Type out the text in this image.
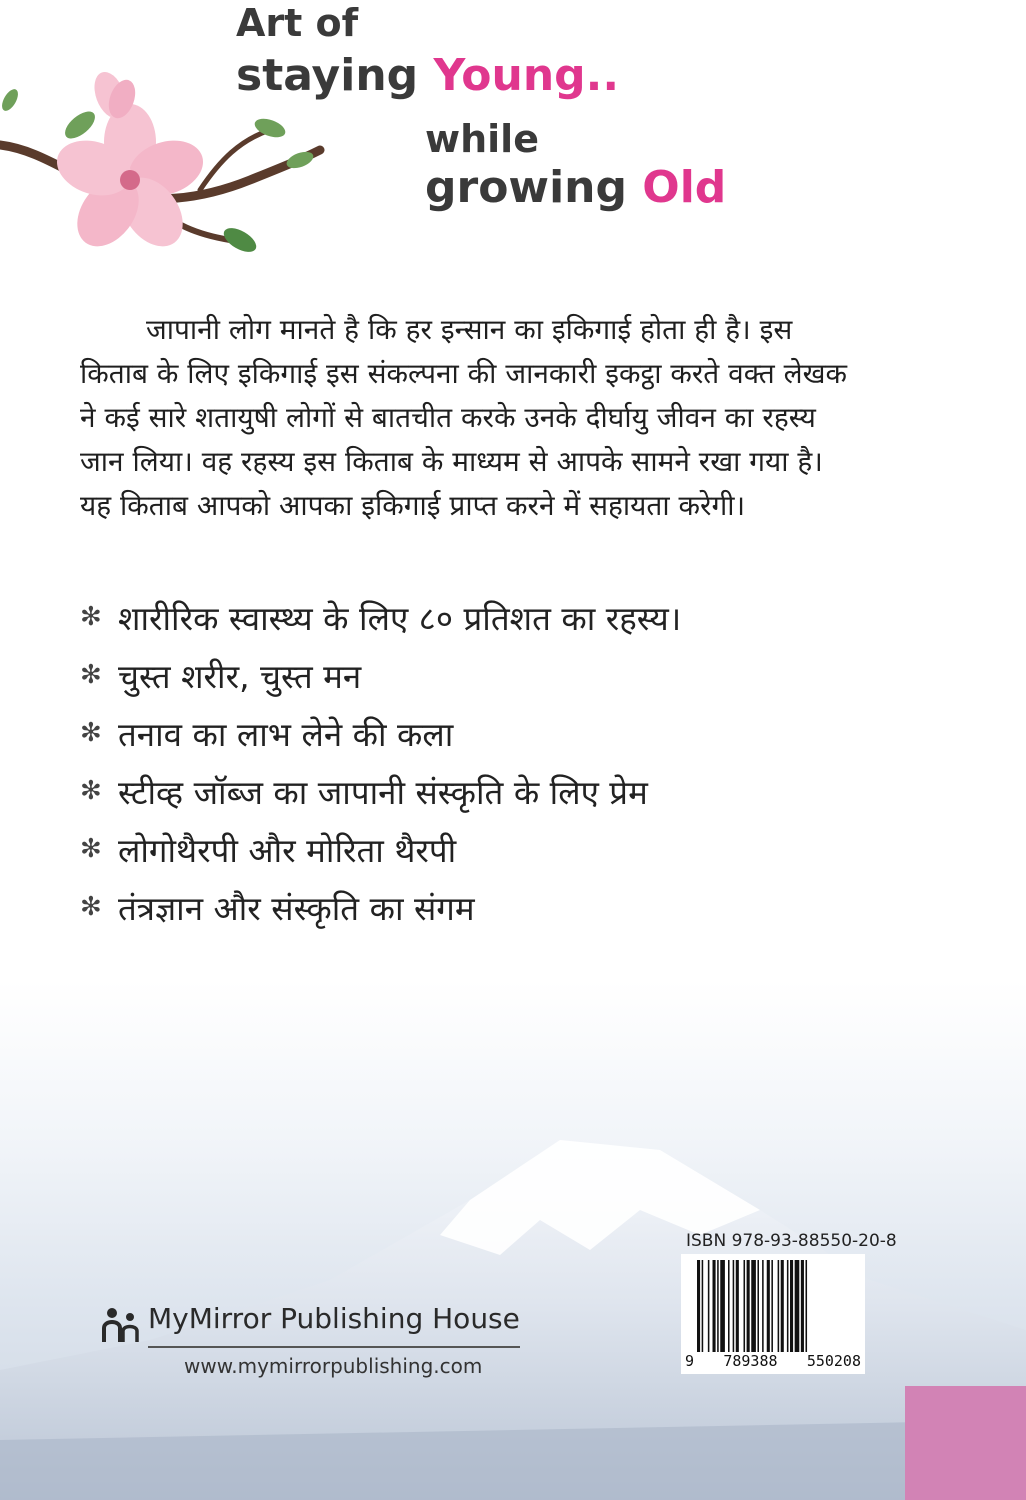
Art of
staying Young..
while
growing Old
जापानी लोग मानते है कि हर इन्सान का इकिगाई होता ही है। इस
किताब के लिए इकिगाई इस संकल्पना की जानकारी इकट्ठा करते वक्त लेखक
ने कई सारे शतायुषी लोगों से बातचीत करके उनके दीर्घायु जीवन का रहस्य
जान लिया। वह रहस्य इस किताब के माध्यम से आपके सामने रखा गया है।
यह किताब आपको आपका इकिगाई प्राप्त करने में सहायता करेगी।
✻ शारीरिक स्वास्थ्य के लिए ८० प्रतिशत का रहस्य।
✻ चुस्त शरीर, चुस्त मन
✻ तनाव का लाभ लेने की कला
✻ स्टीव्ह जॉब्ज का जापानी संस्कृति के लिए प्रेम
✻ लोगोथैरपी और मोरिता थैरपी
✻ तंत्रज्ञान और संस्कृति का संगम
MyMirror Publishing House
www.mymirrorpublishing.com
ISBN 978-93-88550-20-8
9 789388 550208
